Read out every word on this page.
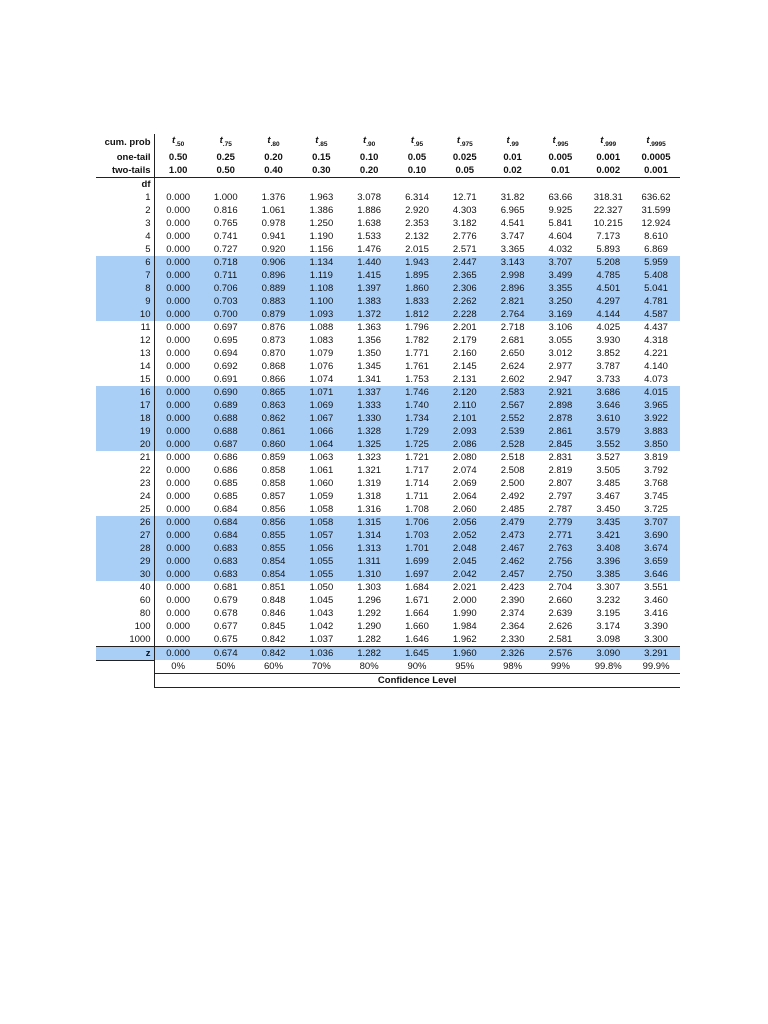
cum. prob	$t_{.50}$	$t_{.75}$	$t_{.80}$	$t_{.85}$	$t_{.90}$	$t_{.95}$	$t_{.975}$	$t_{.99}$	$t_{.995}$	$t_{.999}$	$t_{.9995}$
one-tail	0.50	0.25	0.20	0.15	0.10	0.05	0.025	0.01	0.005	0.001	0.0005
two-tails	1.00	0.50	0.40	0.30	0.20	0.10	0.05	0.02	0.01	0.002	0.001
df											
1	0.000	1.000	1.376	1.963	3.078	6.314	12.71	31.82	63.66	318.31	636.62
2	0.000	0.816	1.061	1.386	1.886	2.920	4.303	6.965	9.925	22.327	31.599
3	0.000	0.765	0.978	1.250	1.638	2.353	3.182	4.541	5.841	10.215	12.924
4	0.000	0.741	0.941	1.190	1.533	2.132	2.776	3.747	4.604	7.173	8.610
5	0.000	0.727	0.920	1.156	1.476	2.015	2.571	3.365	4.032	5.893	6.869
6	0.000	0.718	0.906	1.134	1.440	1.943	2.447	3.143	3.707	5.208	5.959
7	0.000	0.711	0.896	1.119	1.415	1.895	2.365	2.998	3.499	4.785	5.408
8	0.000	0.706	0.889	1.108	1.397	1.860	2.306	2.896	3.355	4.501	5.041
9	0.000	0.703	0.883	1.100	1.383	1.833	2.262	2.821	3.250	4.297	4.781
10	0.000	0.700	0.879	1.093	1.372	1.812	2.228	2.764	3.169	4.144	4.587
11	0.000	0.697	0.876	1.088	1.363	1.796	2.201	2.718	3.106	4.025	4.437
12	0.000	0.695	0.873	1.083	1.356	1.782	2.179	2.681	3.055	3.930	4.318
13	0.000	0.694	0.870	1.079	1.350	1.771	2.160	2.650	3.012	3.852	4.221
14	0.000	0.692	0.868	1.076	1.345	1.761	2.145	2.624	2.977	3.787	4.140
15	0.000	0.691	0.866	1.074	1.341	1.753	2.131	2.602	2.947	3.733	4.073
16	0.000	0.690	0.865	1.071	1.337	1.746	2.120	2.583	2.921	3.686	4.015
17	0.000	0.689	0.863	1.069	1.333	1.740	2.110	2.567	2.898	3.646	3.965
18	0.000	0.688	0.862	1.067	1.330	1.734	2.101	2.552	2.878	3.610	3.922
19	0.000	0.688	0.861	1.066	1.328	1.729	2.093	2.539	2.861	3.579	3.883
20	0.000	0.687	0.860	1.064	1.325	1.725	2.086	2.528	2.845	3.552	3.850
21	0.000	0.686	0.859	1.063	1.323	1.721	2.080	2.518	2.831	3.527	3.819
22	0.000	0.686	0.858	1.061	1.321	1.717	2.074	2.508	2.819	3.505	3.792
23	0.000	0.685	0.858	1.060	1.319	1.714	2.069	2.500	2.807	3.485	3.768
24	0.000	0.685	0.857	1.059	1.318	1.711	2.064	2.492	2.797	3.467	3.745
25	0.000	0.684	0.856	1.058	1.316	1.708	2.060	2.485	2.787	3.450	3.725
26	0.000	0.684	0.856	1.058	1.315	1.706	2.056	2.479	2.779	3.435	3.707
27	0.000	0.684	0.855	1.057	1.314	1.703	2.052	2.473	2.771	3.421	3.690
28	0.000	0.683	0.855	1.056	1.313	1.701	2.048	2.467	2.763	3.408	3.674
29	0.000	0.683	0.854	1.055	1.311	1.699	2.045	2.462	2.756	3.396	3.659
30	0.000	0.683	0.854	1.055	1.310	1.697	2.042	2.457	2.750	3.385	3.646
40	0.000	0.681	0.851	1.050	1.303	1.684	2.021	2.423	2.704	3.307	3.551
60	0.000	0.679	0.848	1.045	1.296	1.671	2.000	2.390	2.660	3.232	3.460
80	0.000	0.678	0.846	1.043	1.292	1.664	1.990	2.374	2.639	3.195	3.416
100	0.000	0.677	0.845	1.042	1.290	1.660	1.984	2.364	2.626	3.174	3.390
1000	0.000	0.675	0.842	1.037	1.282	1.646	1.962	2.330	2.581	3.098	3.300
z	0.000	0.674	0.842	1.036	1.282	1.645	1.960	2.326	2.576	3.090	3.291
	0%	50%	60%	70%	80%	90%	95%	98%	99%	99.8%	99.9%
	Confidence Level										
